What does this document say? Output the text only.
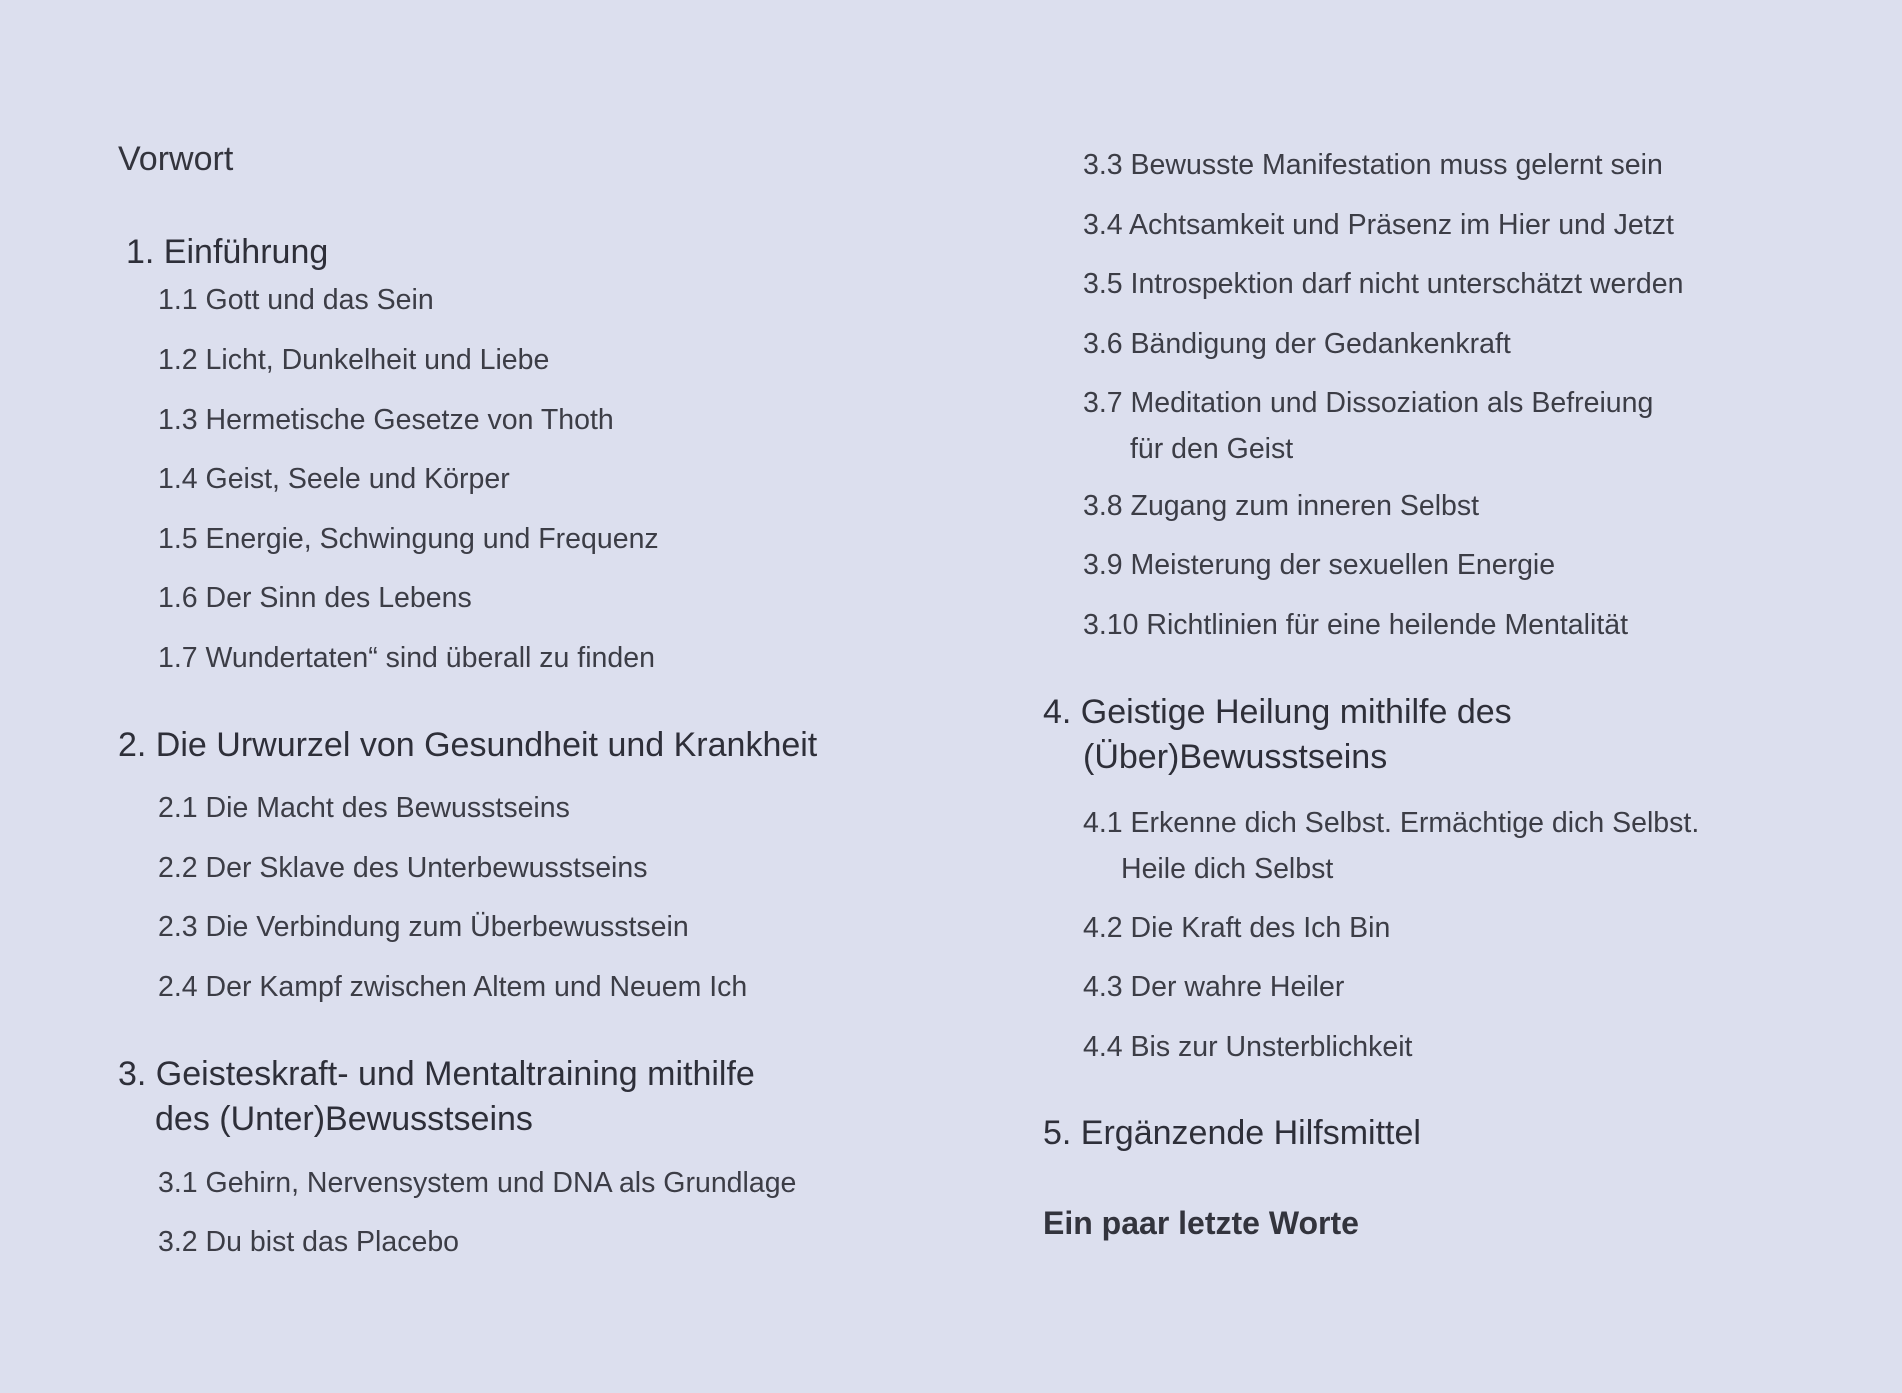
Vorwort
1. Einführung
1.1 Gott und das Sein
1.2 Licht, Dunkelheit und Liebe
1.3 Hermetische Gesetze von Thoth
1.4 Geist, Seele und Körper
1.5 Energie, Schwingung und Frequenz
1.6 Der Sinn des Lebens
1.7 Wundertaten“ sind überall zu finden
2. Die Urwurzel von Gesundheit und Krankheit
2.1 Die Macht des Bewusstseins
2.2 Der Sklave des Unterbewusstseins
2.3 Die Verbindung zum Überbewusstsein
2.4 Der Kampf zwischen Altem und Neuem Ich
3. Geisteskraft- und Mentaltraining mithilfe
des (Unter)Bewusstseins
3.1 Gehirn, Nervensystem und DNA als Grundlage
3.2 Du bist das Placebo
3.3 Bewusste Manifestation muss gelernt sein
3.4 Achtsamkeit und Präsenz im Hier und Jetzt
3.5 Introspektion darf nicht unterschätzt werden
3.6 Bändigung der Gedankenkraft
3.7 Meditation und Dissoziation als Befreiung
für den Geist
3.8 Zugang zum inneren Selbst
3.9 Meisterung der sexuellen Energie
3.10 Richtlinien für eine heilende Mentalität
4. Geistige Heilung mithilfe des
(Über)Bewusstseins
4.1 Erkenne dich Selbst. Ermächtige dich Selbst.
Heile dich Selbst
4.2 Die Kraft des Ich Bin
4.3 Der wahre Heiler
4.4 Bis zur Unsterblichkeit
5. Ergänzende Hilfsmittel
Ein paar letzte Worte
